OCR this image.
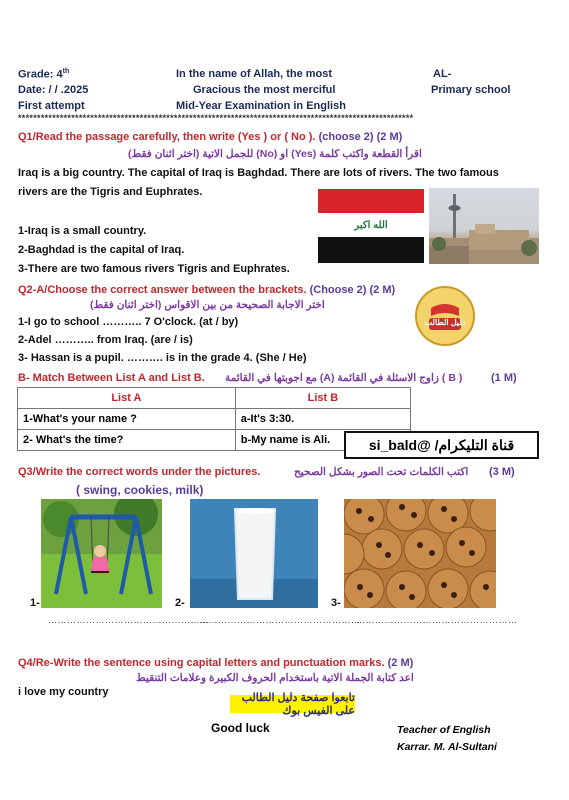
Grade: 4th
Date: / / .2025
First attempt
In the name of Allah, the most
Gracious the most merciful
Mid-Year Examination in English
AL-
Primary school
********************************************************************************************************
Q1/Read the passage carefully, then write (Yes ) or ( No ). (choose 2) (2 M)
اقرأ القطعة واكتب كلمة (Yes) او (No) للجمل الاتية (اختر اثنان فقط)
Iraq is a big country. The capital of Iraq is Baghdad. There are lots of rivers. The two famous
rivers are the Tigris and Euphrates.
1-Iraq is a small country.
2-Baghdad is the capital of Iraq.
3-There are two famous rivers Tigris and Euphrates.
الله اكبر
Q2-A/Choose the correct answer between the brackets. (Choose 2) (2 M)
اختر الاجابة الصحيحة من بين الاقواس (اختر اثنان فقط)
1-I go to school ……….. 7 O'clock. (at / by)
2-Adel ……….. from Iraq. (are / is)
3- Hassan is a pupil. ………. is in the grade 4. (She / He)
دليل الطالب
B- Match Between List A and List B. ( B ) زاوج الاسئلة في القائمة (A) مع اجوبتها في القائمة	(1 M)
List A	List B
1-What's your name ?	a-It's 3:30.
2- What's the time?	b-My name is Ali.	قناة التليكرام/ @si_bald
Q3/Write the correct words under the pictures.	اكتب الكلمات تحت الصور بشكل الصحيح (3 M)
( swing, cookies, milk)
1-	2-	3-
……………………………………………
……………………………………………
……………………………………………
Q4/Re-Write the sentence using capital letters and punctuation marks. (2 M)
اعد كتابة الجملة الاتية باستخدام الحروف الكبيرة وعلامات التنقيط
i love my country	تابعوا صفحة دليل الطالب على الفيس بوك
Good luck	Teacher of English
Karrar. M. Al-Sultani
